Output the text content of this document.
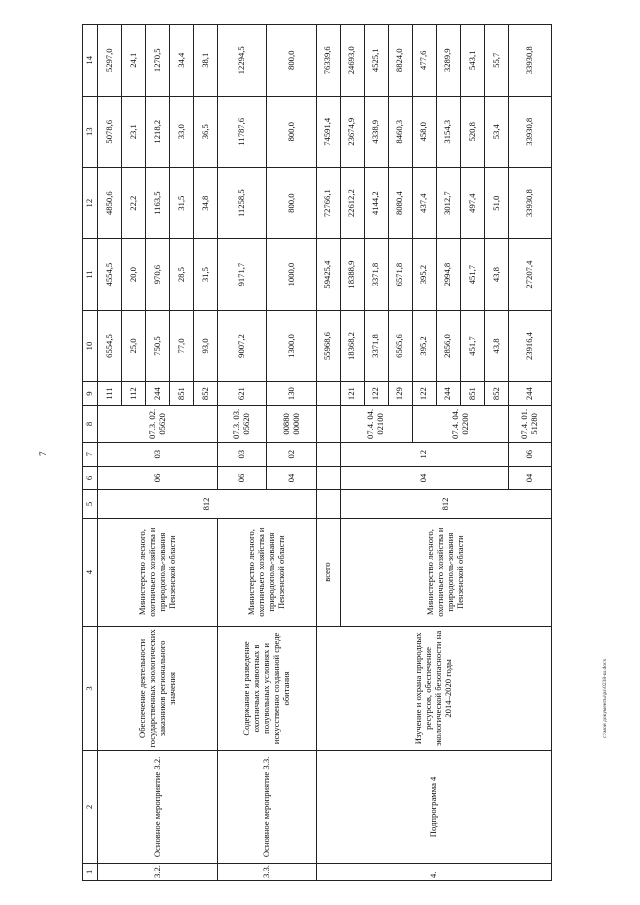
7
c:\мои документы\ра\0238-ш.docx
1	2	3	4	5	6	7	8	9	10	11	12	13	14
3.2.	Основное мероприятие 3.2.	Обеспечение деятельности государственных зоологических заказников регионального значения	Министерство лесного, охотничьего хозяйства и природополь-зования Пензенской области	812	06	03	07.3. 02. 05620	111	6554,5	4554,5	4850,6	5078,6	5297,0
								112	25,0	20,0	22,2	23,1	24,1
								244	750,5	970,6	1163,5	1218,2	1270,5
								851	77,0	28,5	31,5	33,0	34,4
								852	93,0	31,5	34,8	36,5	38,1
3.3.	Основное мероприятие 3.3.	Содержание и разведение охотничьих животных в полувольных условиях и искусственно созданной среде обитания	Министерство лесного, охотничьего хозяйства и природополь-зования Пензенской области		06	03	07.3. 03. 05620	621	9007,2	9171,7	11258,5	11787,6	12294,5
					04	02	00880 00000	130	1300,0	1000,0	800,0	800,0	800,0
4.	Подпрограмма 4	Изучение и охрана природных ресурсов, обеспечение экологической безопасности на 2014–2020 годы	всего						55968,6	59425,4	72766,1	74591,4	76339,6
			Министерство лесного, охотничьего хозяйства и природополь-зования Пензенской области	812	04	12	07.4. 04. 02100	121	18368,2	18388,9	22612,2	23674,9	24693,0
								122	3371,8	3371,8	4144,2	4338,9	4525,1
								129	6565,6	6571,8	8080,4	8460,3	8824,0
							07.4. 04. 02200	122	395,2	395,2	437,4	458,0	477,6
								244	2856,0	2994,8	3012,7	3154,3	3289,9
								851	451,7	451,7	497,4	520,8	543,1
								852	43,8	43,8	51,0	53,4	55,7
					04	06	07.4. 01. 51280	244	23916,4	27207,4	33930,8	33930,8	33930,8
